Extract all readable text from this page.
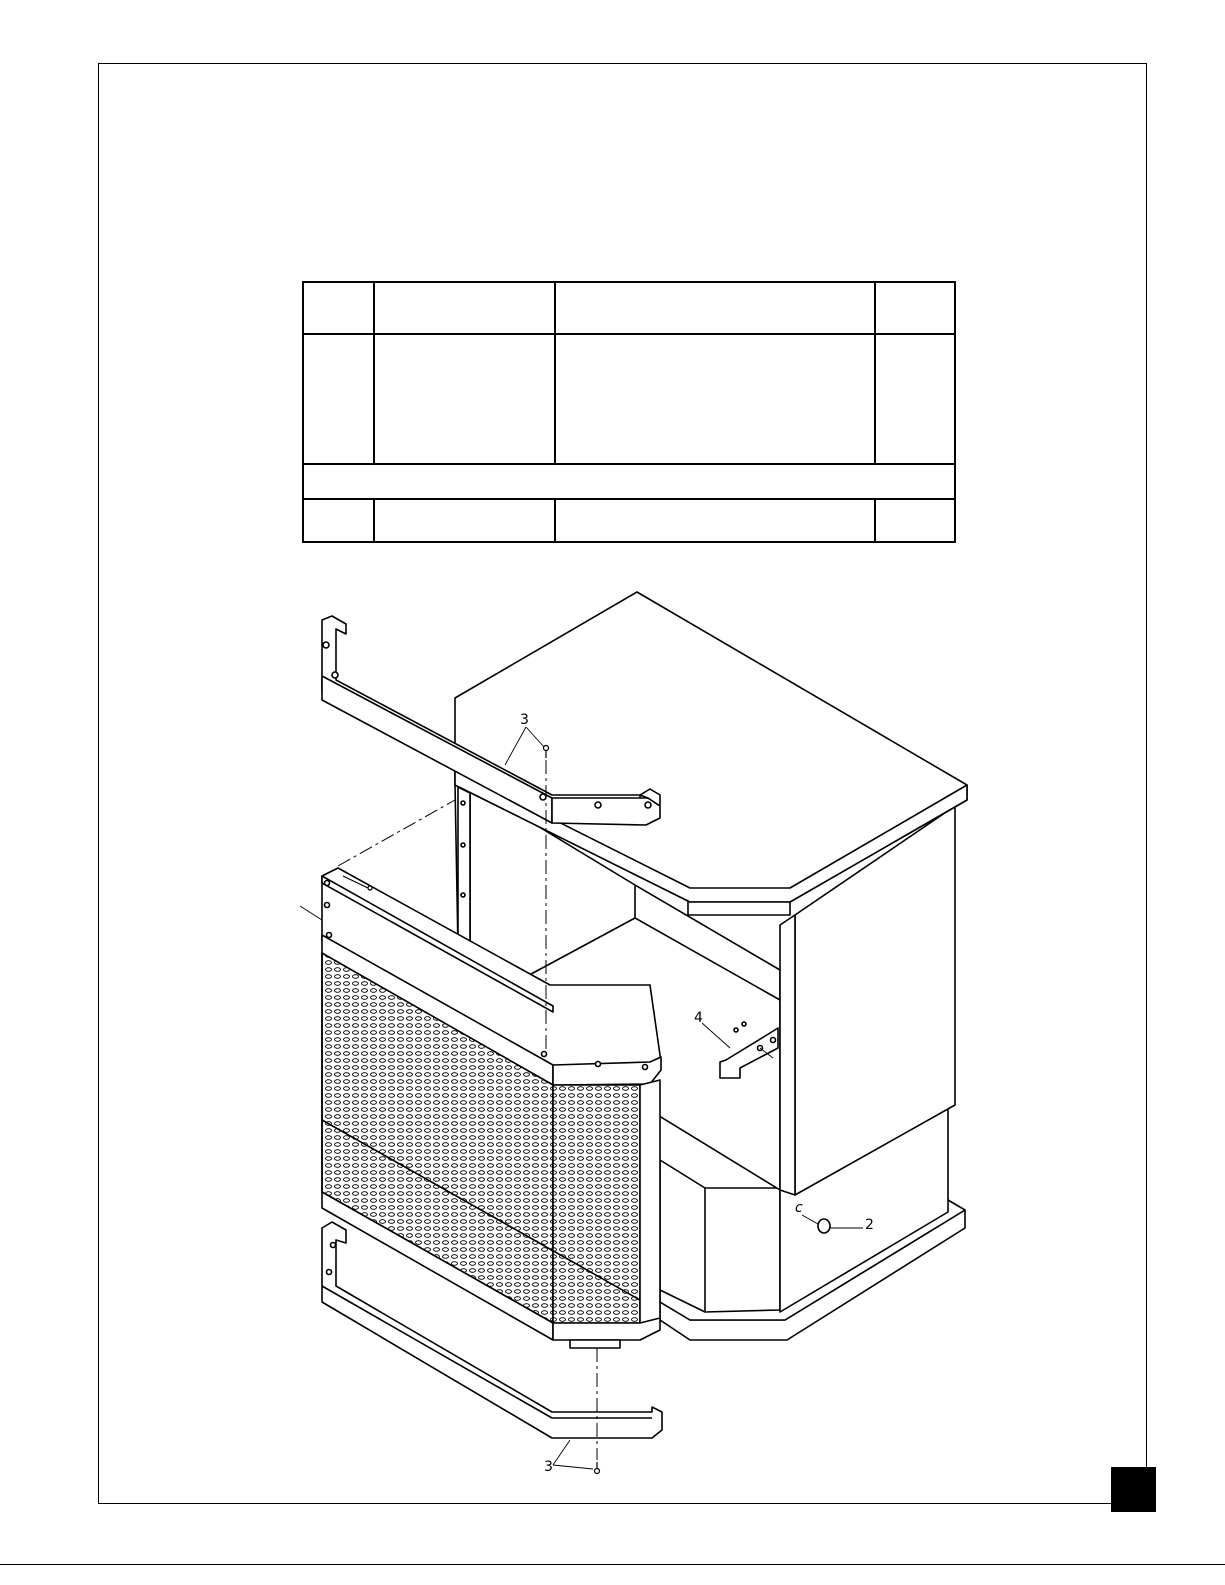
c
3
3
4
2
